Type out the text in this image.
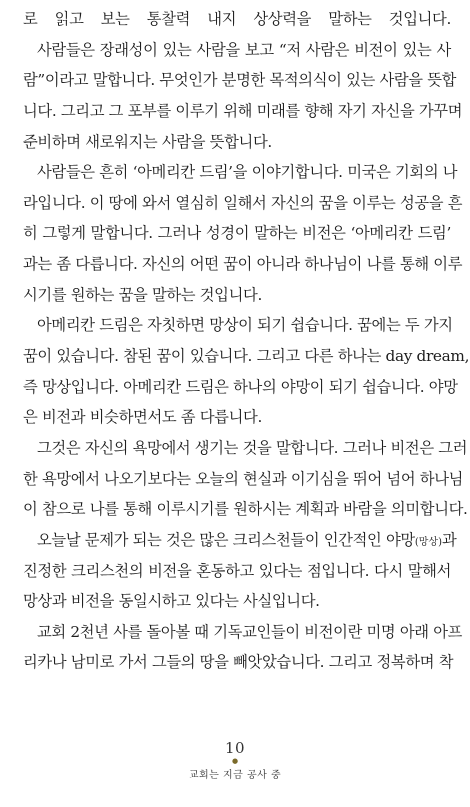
로 읽고 보는 통찰력 내지 상상력을 말하는 것입니다.
사람들은 장래성이 있는 사람을 보고 “저 사람은 비전이 있는 사
람”이라고 말합니다. 무엇인가 분명한 목적의식이 있는 사람을 뜻합
니다. 그리고 그 포부를 이루기 위해 미래를 향해 자기 자신을 가꾸며
준비하며 새로워지는 사람을 뜻합니다.
사람들은 흔히 ‘아메리칸 드림’을 이야기합니다. 미국은 기회의 나
라입니다. 이 땅에 와서 열심히 일해서 자신의 꿈을 이루는 성공을 흔
히 그렇게 말합니다. 그러나 성경이 말하는 비전은 ‘아메리칸 드림’
과는 좀 다릅니다. 자신의 어떤 꿈이 아니라 하나님이 나를 통해 이루
시기를 원하는 꿈을 말하는 것입니다.
아메리칸 드림은 자칫하면 망상이 되기 쉽습니다. 꿈에는 두 가지
꿈이 있습니다. 참된 꿈이 있습니다. 그리고 다른 하나는 day dream,
즉 망상입니다. 아메리칸 드림은 하나의 야망이 되기 쉽습니다. 야망
은 비전과 비슷하면서도 좀 다릅니다.
그것은 자신의 욕망에서 생기는 것을 말합니다. 그러나 비전은 그러
한 욕망에서 나오기보다는 오늘의 현실과 이기심을 뛰어 넘어 하나님
이 참으로 나를 통해 이루시기를 원하시는 계획과 바람을 의미합니다.
오늘날 문제가 되는 것은 많은 크리스천들이 인간적인 야망(망상)과
진정한 크리스천의 비전을 혼동하고 있다는 점입니다. 다시 말해서
망상과 비전을 동일시하고 있다는 사실입니다.
교회 2천년 사를 돌아볼 때 기독교인들이 비전이란 미명 아래 아프
리카나 남미로 가서 그들의 땅을 빼앗았습니다. 그리고 정복하며 착
10
●
교회는 지금 공사 중
